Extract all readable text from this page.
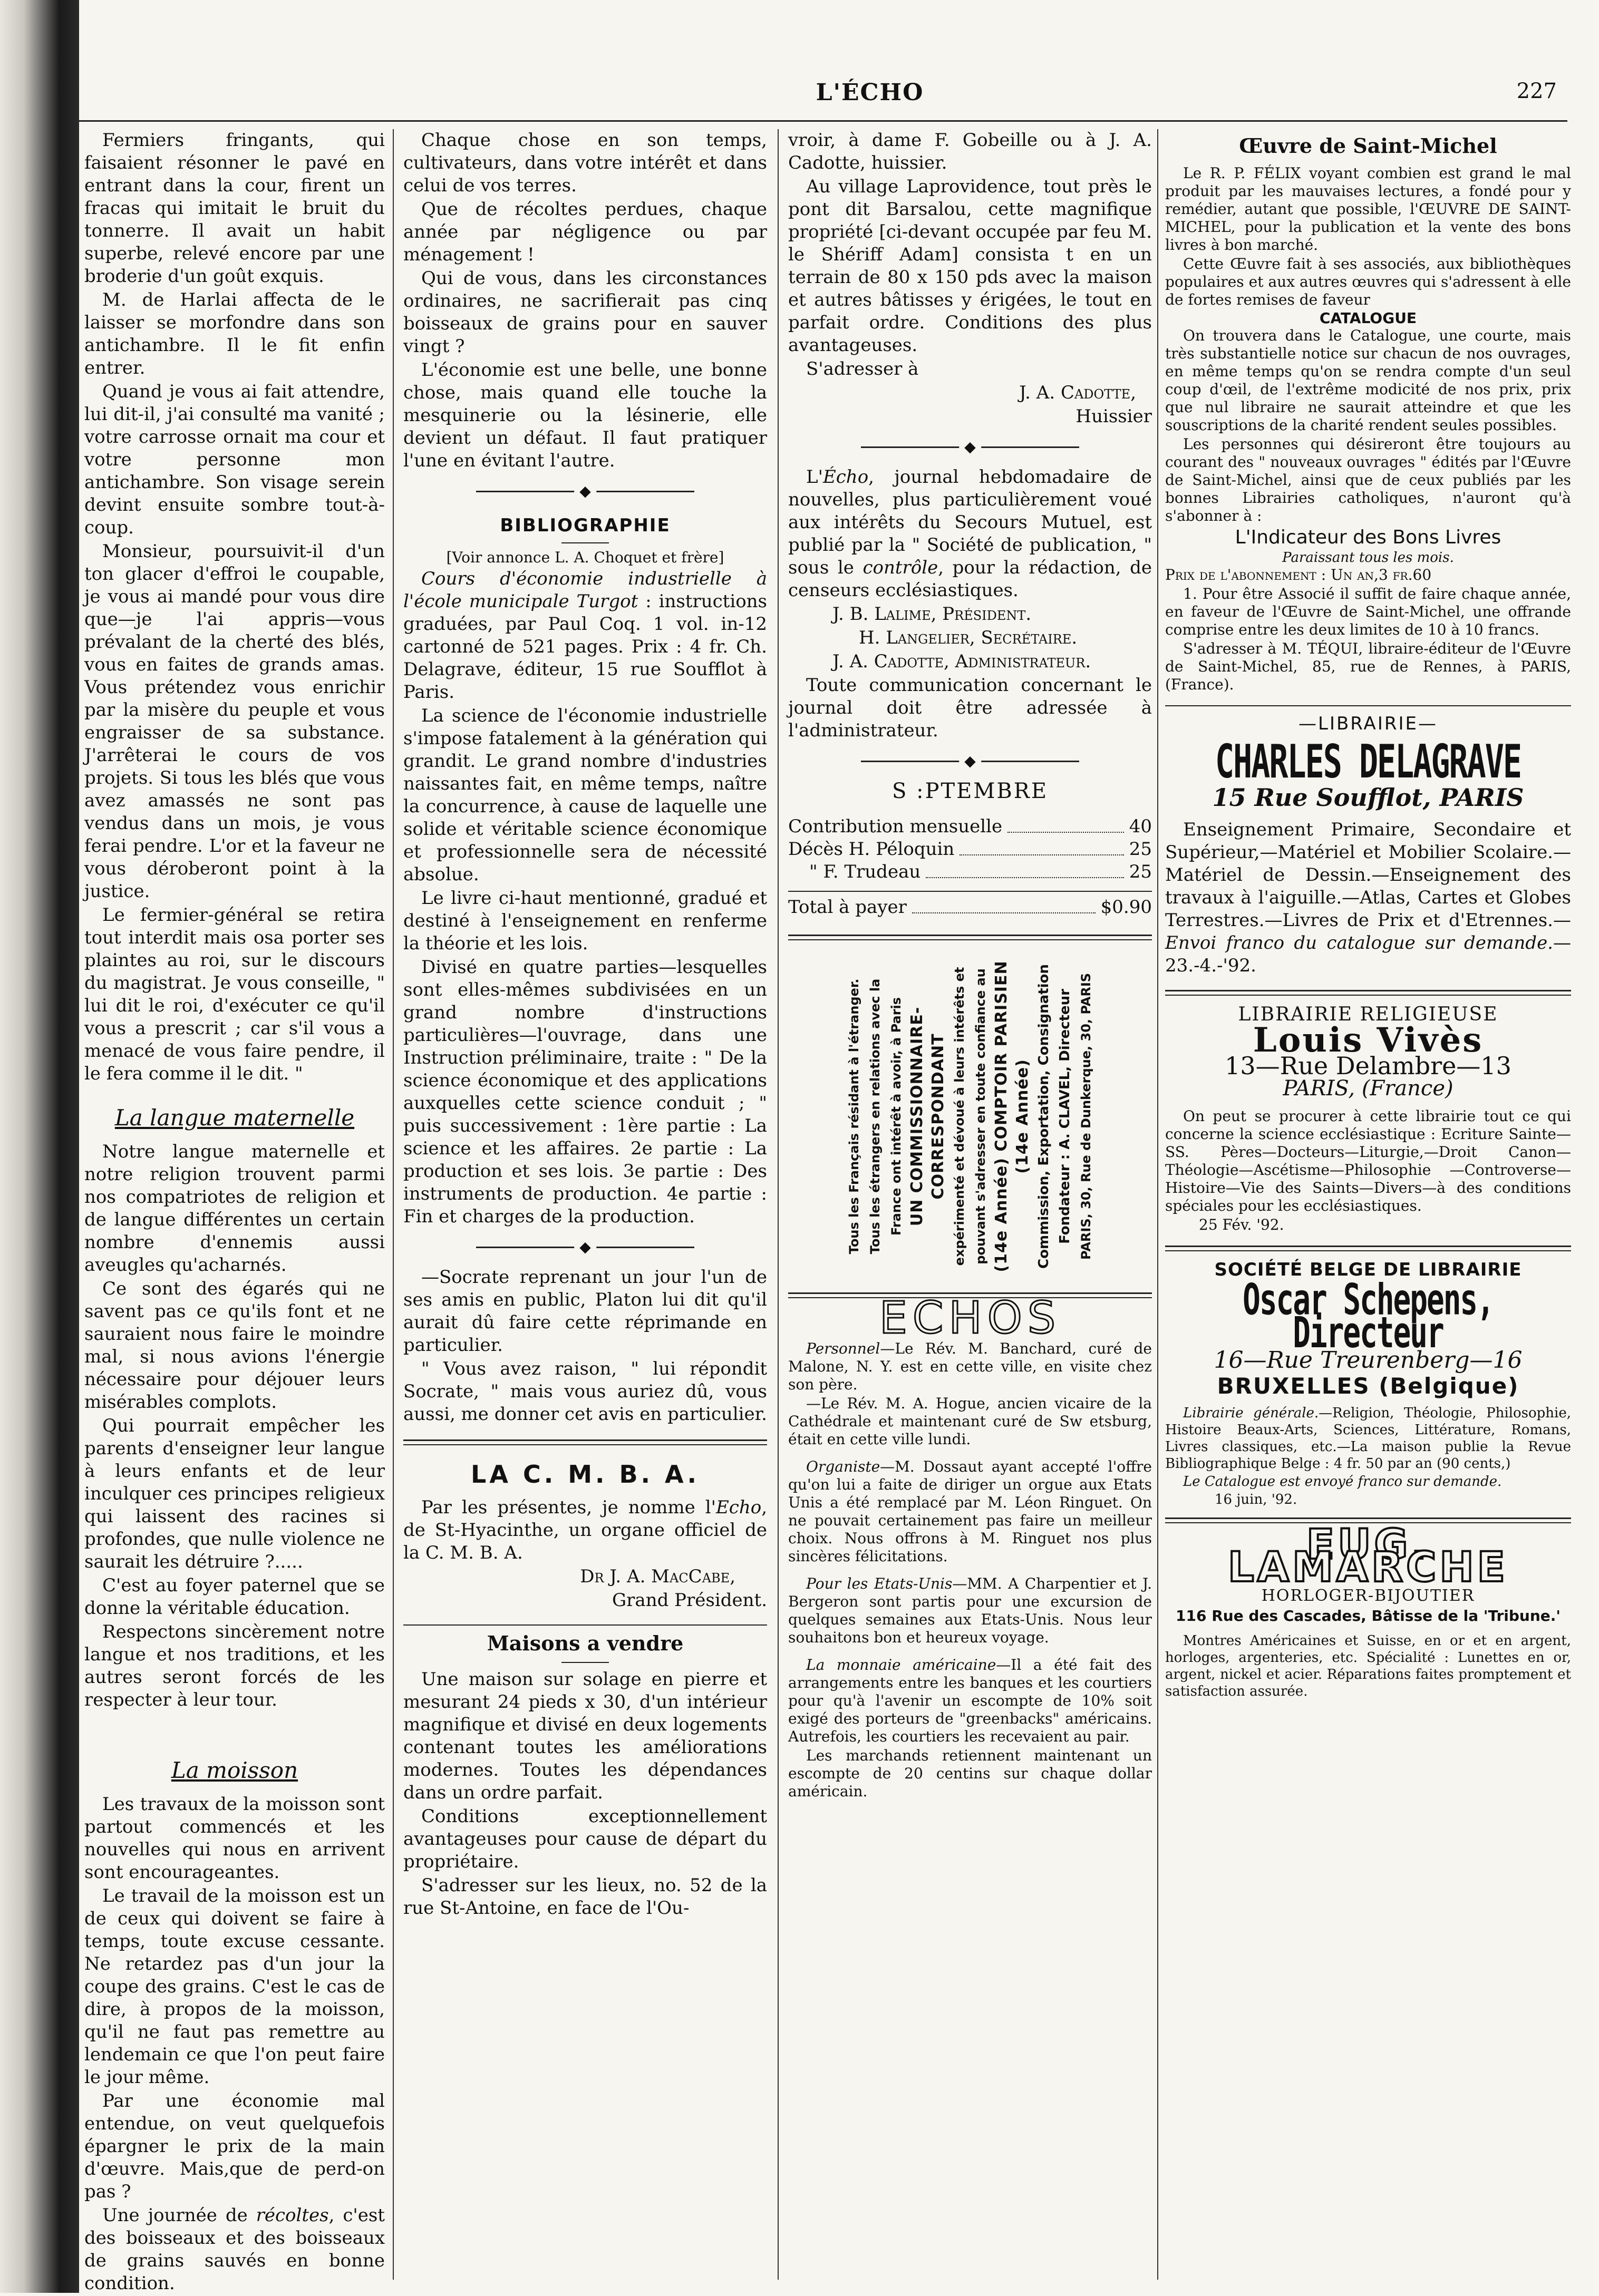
L'ÉCHO	227

Fermiers fringants, qui faisaient résonner le pavé en entrant dans la cour, firent un fracas qui imitait le bruit du tonnerre. Il avait un habit superbe, relevé encore par une broderie d'un goût exquis.

M. de Harlai affecta de le laisser se morfondre dans son antichambre. Il le fit enfin entrer.

Quand je vous ai fait attendre, lui dit-il, j'ai consulté ma vanité ; votre carrosse ornait ma cour et votre personne mon antichambre. Son visage serein devint ensuite sombre tout-à-coup.

Monsieur, poursuivit-il d'un ton glacer d'effroi le coupable, je vous ai mandé pour vous dire que—je l'ai appris—vous prévalant de la cherté des blés, vous en faites de grands amas. Vous prétendez vous enrichir par la misère du peuple et vous engraisser de sa substance. J'arrêterai le cours de vos projets. Si tous les blés que vous avez amassés ne sont pas vendus dans un mois, je vous ferai pendre. L'or et la faveur ne vous déroberont point à la justice.

Le fermier-général se retira tout interdit mais osa porter ses plaintes au roi, sur le discours du magistrat. Je vous conseille, " lui dit le roi, d'exécuter ce qu'il vous a prescrit ; car s'il vous a menacé de vous faire pendre, il le fera comme il le dit. "

La langue maternelle

Notre langue maternelle et notre religion trouvent parmi nos compatriotes de religion et de langue différentes un certain nombre d'ennemis aussi aveugles qu'acharnés.

Ce sont des égarés qui ne savent pas ce qu'ils font et ne sauraient nous faire le moindre mal, si nous avions l'énergie nécessaire pour déjouer leurs misérables complots.

Qui pourrait empêcher les parents d'enseigner leur langue à leurs enfants et de leur inculquer ces principes religieux qui laissent des racines si profondes, que nulle violence ne saurait les détruire ?.....

C'est au foyer paternel que se donne la véritable éducation.

Respectons sincèrement notre langue et nos traditions, et les autres seront forcés de les respecter à leur tour.

La moisson

Les travaux de la moisson sont partout commencés et les nouvelles qui nous en arrivent sont encourageantes.

Le travail de la moisson est un de ceux qui doivent se faire à temps, toute excuse cessante. Ne retardez pas d'un jour la coupe des grains. C'est le cas de dire, à propos de la moisson, qu'il ne faut pas remettre au lendemain ce que l'on peut faire le jour même.

Par une économie mal entendue, on veut quelquefois épargner le prix de la main d'œuvre. Mais,que de perd-on pas ?

Une journée de récoltes, c'est des boisseaux et des boisseaux de grains sauvés en bonne condition.

Chaque chose en son temps, cultivateurs, dans votre intérêt et dans celui de vos terres.

Que de récoltes perdues, chaque année par négligence ou par ménagement !

Qui de vous, dans les circonstances ordinaires, ne sacrifierait pas cinq boisseaux de grains pour en sauver vingt ?

L'économie est une belle, une bonne chose, mais quand elle touche la mesquinerie ou la lésinerie, elle devient un défaut. Il faut pratiquer l'une en évitant l'autre.

◆
BIBLIOGRAPHIE

[Voir annonce L. A. Choquet et frère]

Cours d'économie industrielle à l'école municipale Turgot : instructions graduées, par Paul Coq. 1 vol. in-12 cartonné de 521 pages. Prix : 4 fr. Ch. Delagrave, éditeur, 15 rue Soufflot à Paris.

La science de l'économie industrielle s'impose fatalement à la génération qui grandit. Le grand nombre d'industries naissantes fait, en même temps, naître la concurrence, à cause de laquelle une solide et véritable science économique et professionnelle sera de nécessité absolue.

Le livre ci-haut mentionné, gradué et destiné à l'enseignement en renferme la théorie et les lois.

Divisé en quatre parties—lesquelles sont elles-mêmes subdivisées en un grand nombre d'instructions particulières—l'ouvrage, dans une Instruction préliminaire, traite : " De la science économique et des applications auxquelles cette science conduit ; " puis successivement : 1ère partie : La science et les affaires. 2e partie : La production et ses lois. 3e partie : Des instruments de production. 4e partie : Fin et charges de la production.

◆

—Socrate reprenant un jour l'un de ses amis en public, Platon lui dit qu'il aurait dû faire cette réprimande en particulier.

" Vous avez raison, " lui répondit Socrate, " mais vous auriez dû, vous aussi, me donner cet avis en particulier.

LA C. M. B. A.

Par les présentes, je nomme l'Echo, de St-Hyacinthe, un organe officiel de la C. M. B. A.

Dr J. A. MacCabe,

Grand Président.

Maisons a vendre

Une maison sur solage en pierre et mesurant 24 pieds x 30, d'un intérieur magnifique et divisé en deux logements contenant toutes les améliorations modernes. Toutes les dépendances dans un ordre parfait.

Conditions exceptionnellement avantageuses pour cause de départ du propriétaire.

S'adresser sur les lieux, no. 52 de la rue St-Antoine, en face de l'Ou-

vroir, à dame F. Gobeille ou à J. A. Cadotte, huissier.

Au village Laprovidence, tout près le pont dit Barsalou, cette magnifique propriété [ci-devant occupée par feu M. le Shériff Adam] consista t en un terrain de 80 x 150 pds avec la maison et autres bâtisses y érigées, le tout en parfait ordre. Conditions des plus avantageuses.

S'adresser à

J. A. Cadotte,

Huissier

◆

L'Écho, journal hebdomadaire de nouvelles, plus particulièrement voué aux intérêts du Secours Mutuel, est publié par la " Société de publication, " sous le contrôle, pour la rédaction, de censeurs ecclésiastiques.

J. B. Lalime, Président.

H. Langelier, Secrétaire.

J. A. Cadotte, Administrateur.

Toute communication concernant le journal doit être adressée à l'administrateur.

◆
S :PTEMBRE
Contribution mensuelle	40
Décès H. Péloquin	25
" F. Trudeau	25
Total à payer	$0.90
Tous les Français résidant à l'étranger. Tous les étrangers en relations avec la France ont intérêt à avoir, à Paris UN COMMISSIONNAIRE-CORRESPONDANT expérimenté et dévoué à leurs intérêts et pouvant s'adresser en toute confiance au (14e Année) COMPTOIR PARISIEN (14e Année) Commission, Exportation, Consignation Fondateur : A. CLAVEL, Directeur PARIS, 30, Rue de Dunkerque, 30, PARIS
ECHOS

Personnel—Le Rév. M. Banchard, curé de Malone, N. Y. est en cette ville, en visite chez son père.

—Le Rév. M. A. Hogue, ancien vicaire de la Cathédrale et maintenant curé de Sw etsburg, était en cette ville lundi.

Organiste—M. Dossaut ayant accepté l'offre qu'on lui a faite de diriger un orgue aux Etats Unis a été remplacé par M. Léon Ringuet. On ne pouvait certainement pas faire un meilleur choix. Nous offrons à M. Ringuet nos plus sincères félicitations.

Pour les Etats-Unis—MM. A Charpentier et J. Bergeron sont partis pour une excursion de quelques semaines aux Etats-Unis. Nous leur souhaitons bon et heureux voyage.

La monnaie américaine—Il a été fait des arrangements entre les banques et les courtiers pour qu'à l'avenir un escompte de 10% soit exigé des porteurs de "greenbacks" américains. Autrefois, les courtiers les recevaient au pair.

Les marchands retiennent maintenant un escompte de 20 centins sur chaque dollar américain.

Œuvre de Saint-Michel

Le R. P. FÉLIX voyant combien est grand le mal produit par les mauvaises lectures, a fondé pour y remédier, autant que possible, l'ŒUVRE DE SAINT-MICHEL, pour la publication et la vente des bons livres à bon marché.

Cette Œuvre fait à ses associés, aux bibliothèques populaires et aux autres œuvres qui s'adressent à elle de fortes remises de faveur

CATALOGUE

On trouvera dans le Catalogue, une courte, mais très substantielle notice sur chacun de nos ouvrages, en même temps qu'on se rendra compte d'un seul coup d'œil, de l'extrême modicité de nos prix, prix que nul libraire ne saurait atteindre et que les souscriptions de la charité rendent seules possibles.

Les personnes qui désireront être toujours au courant des " nouveaux ouvrages " édités par l'Œuvre de Saint-Michel, ainsi que de ceux publiés par les bonnes Librairies catholiques, n'auront qu'à s'abonner à :

L'Indicateur des Bons Livres
Paraissant tous les mois.

Prix de l'abonnement : Un an,3 fr.60

1. Pour être Associé il suffit de faire chaque année, en faveur de l'Œuvre de Saint-Michel, une offrande comprise entre les deux limites de 10 à 10 francs.

S'adresser à M. TÉQUI, libraire-éditeur de l'Œuvre de Saint-Michel, 85, rue de Rennes, à PARIS, (France).

—LIBRAIRIE—
CHARLES DELAGRAVE
15 Rue Soufflot, PARIS

Enseignement Primaire, Secondaire et Supérieur,—Matériel et Mobilier Scolaire.—Matériel de Dessin.—Enseignement des travaux à l'aiguille.—Atlas, Cartes et Globes Terrestres.—Livres de Prix et d'Etrennes.—Envoi franco du catalogue sur demande.—23.-4.-'92.

LIBRAIRIE RELIGIEUSE
Louis Vivès
13—Rue Delambre—13
PARIS, (France)

On peut se procurer à cette librairie tout ce qui concerne la science ecclésiastique : Ecriture Sainte—SS. Pères—Docteurs—Liturgie,—Droit Canon—Théologie—Ascétisme—Philosophie —Controverse—Histoire—Vie des Saints—Divers—à des conditions spéciales pour les ecclésiastiques.

25 Fév. '92.

SOCIÉTÉ BELGE DE LIBRAIRIE
Oscar Schepens, Directeur
16—Rue Treurenberg—16
BRUXELLES (Belgique)

Librairie générale.—Religion, Théologie, Philosophie, Histoire Beaux-Arts, Sciences, Littérature, Romans, Livres classiques, etc.—La maison publie la Revue Bibliographique Belge : 4 fr. 50 par an (90 cents,)

Le Catalogue est envoyé franco sur demande.

16 juin, '92.

EUG. LAMARCHE
HORLOGER-BIJOUTIER
116 Rue des Cascades, Bâtisse de la 'Tribune.'

Montres Américaines et Suisse, en or et en argent, horloges, argenteries, etc. Spécialité : Lunettes en or, argent, nickel et acier. Réparations faites promptement et satisfaction assurée.
